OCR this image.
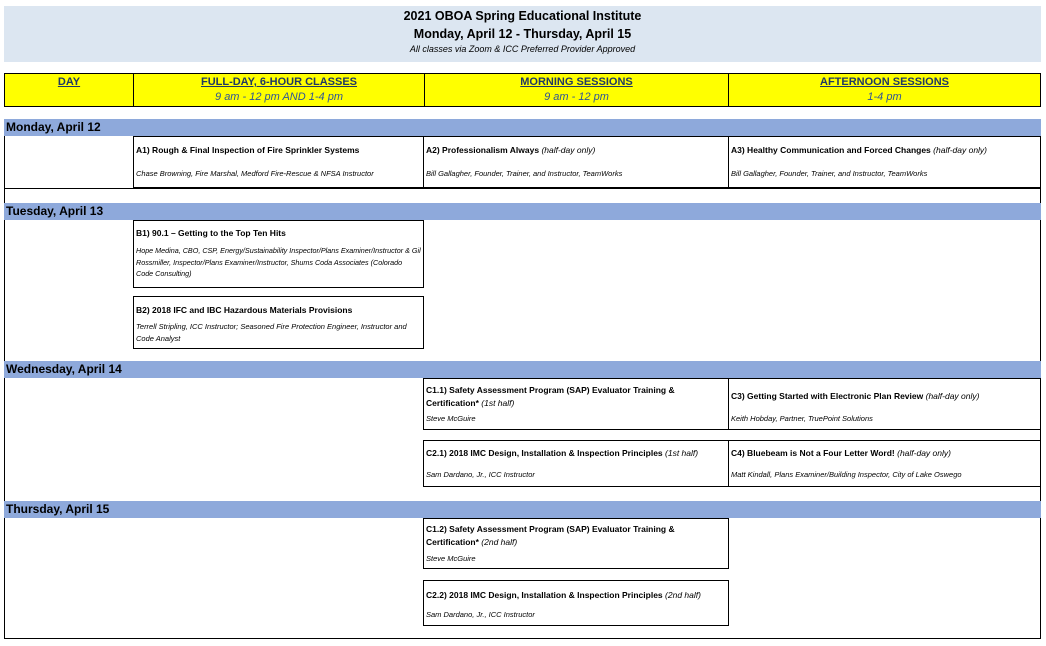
2021 OBOA Spring Educational Institute
Monday, April 12 - Thursday, April 15
All classes via Zoom & ICC Preferred Provider Approved
DAY	FULL-DAY, 6-HOUR CLASSES
9 am - 12 pm AND 1-4 pm
MORNING SESSIONS
9 am - 12 pm
AFTERNOON SESSIONS
1-4 pm
Monday, April 12
A1) Rough & Final Inspection of Fire Sprinkler Systems
Chase Browning, Fire Marshal, Medford Fire-Rescue & NFSA Instructor
A2) Professionalism Always (half-day only)
Bill Gallagher, Founder, Trainer, and Instructor, TeamWorks
A3) Healthy Communication and Forced Changes (half-day only)
Bill Gallagher, Founder, Trainer, and Instructor, TeamWorks
Tuesday, April 13
B1) 90.1 – Getting to the Top Ten Hits
Hope Medina, CBO, CSP, Energy/Sustainability Inspector/Plans Examiner/Instructor & Gil Rossmiller, Inspector/Plans Examiner/Instructor, Shums Coda Associates (Colorado Code Consulting)
B2) 2018 IFC and IBC Hazardous Materials Provisions
Terrell Stripling, ICC Instructor; Seasoned Fire Protection Engineer, Instructor and Code Analyst
Wednesday, April 14
C1.1) Safety Assessment Program (SAP) Evaluator Training & Certification* (1st half)
Steve McGuire
C3) Getting Started with Electronic Plan Review (half-day only)
Keith Hobday, Partner, TruePoint Solutions
C2.1) 2018 IMC Design, Installation & Inspection Principles (1st half)
Sam Dardano, Jr., ICC Instructor
C4) Bluebeam is Not a Four Letter Word! (half-day only)
Matt Kindall, Plans Examiner/Building Inspector, City of Lake Oswego
Thursday, April 15
C1.2) Safety Assessment Program (SAP) Evaluator Training & Certification* (2nd half)
Steve McGuire
C2.2) 2018 IMC Design, Installation & Inspection Principles (2nd half)
Sam Dardano, Jr., ICC Instructor
